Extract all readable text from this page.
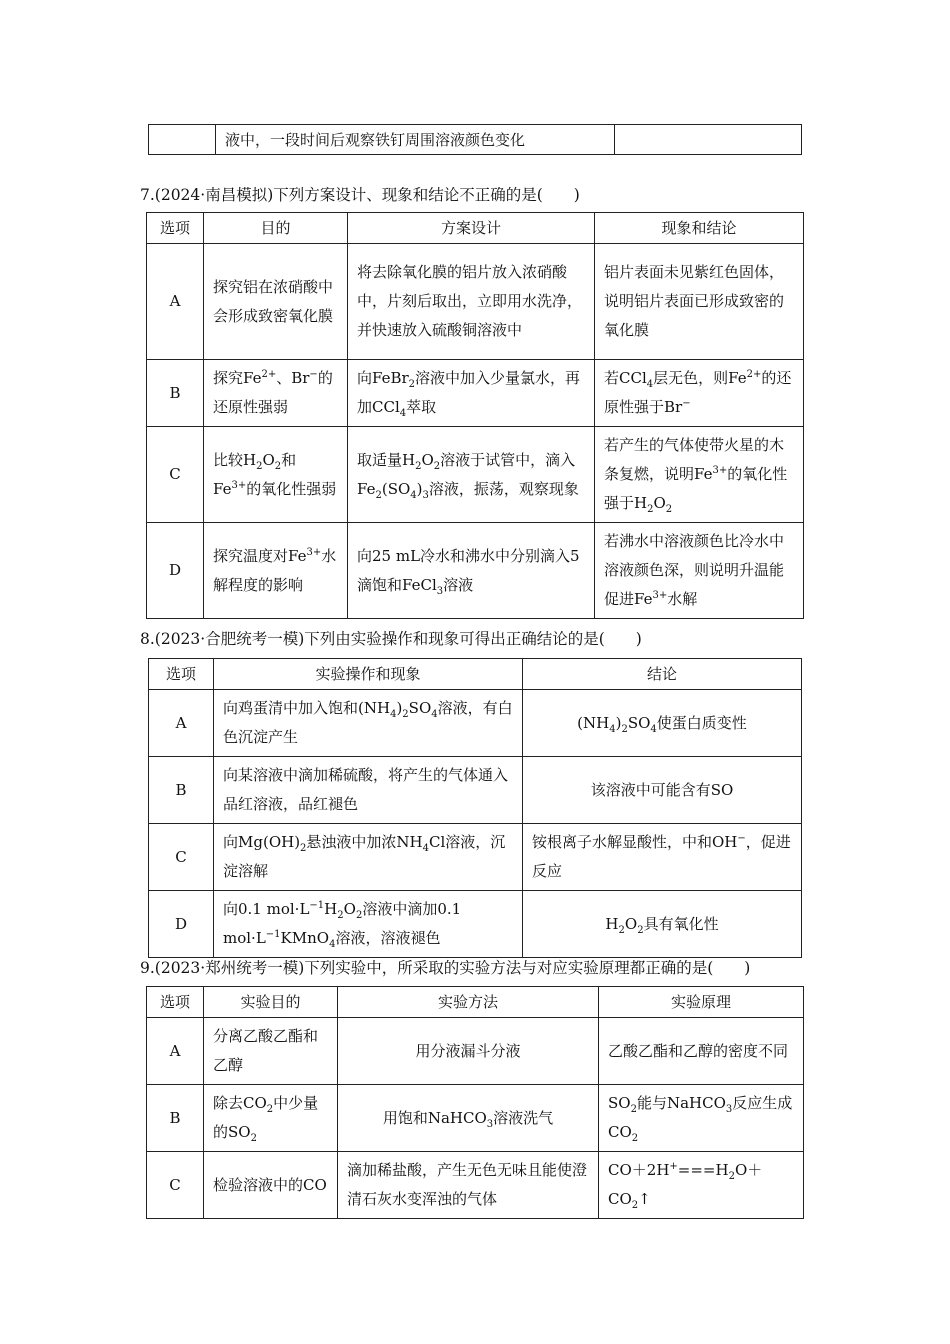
	液中，一段时间后观察铁钉周围溶液颜色变化	
7.(2024·南昌模拟)下列方案设计、现象和结论不正确的是(　　)
选项	目的	方案设计	现象和结论
A	探究铝在浓硝酸中会形成致密氧化膜	将去除氧化膜的铝片放入浓硝酸中，片刻后取出，立即用水洗净，并快速放入硫酸铜溶液中	铝片表面未见紫红色固体，说明铝片表面已形成致密的氧化膜
B	探究$Fe^{2+}$、Br−的还原性强弱	向FeBr$_2$溶液中加入少量氯水，再加CCl$_4$萃取	若CCl$_4$层无色，则$Fe^{2+}$的还原性强于Br−
C	比较$H_2O_2$和$Fe^{3+}$的氧化性强弱	取适量$H_2O_2$溶液于试管中，滴入$Fe_2(SO_4)_3$溶液，振荡，观察现象	若产生的气体使带火星的木条复燃，说明$Fe^{3+}$的氧化性强于$H_2O_2$
D	探究温度对$Fe^{3+}$水解程度的影响	向25 mL冷水和沸水中分别滴入5滴饱和FeCl$_3$溶液	若沸水中溶液颜色比冷水中溶液颜色深，则说明升温能促进$Fe^{3+}$水解
8.(2023·合肥统考一模)下列由实验操作和现象可得出正确结论的是(　　)
选项	实验操作和现象	结论
A	向鸡蛋清中加入饱和$(NH_4)_2SO_4$溶液，有白色沉淀产生	$(NH_4)_2SO_4$使蛋白质变性
B	向某溶液中滴加稀硫酸，将产生的气体通入品红溶液，品红褪色	该溶液中可能含有SO
C	向$Mg(OH)_2$悬浊液中加浓$NH_4Cl$溶液，沉淀溶解	铵根离子水解显酸性，中和OH−，促进反应
D	向0.1 $mol\cdot L^{-1}H_2O_2$溶液中滴加0.1 $mol\cdot L^{-1}KMnO_4$溶液，溶液褪色	$H_2O_2$具有氧化性
9.(2023·郑州统考一模)下列实验中，所采取的实验方法与对应实验原理都正确的是(　　)
选项	实验目的	实验方法	实验原理
A	分离乙酸乙酯和乙醇	用分液漏斗分液	乙酸乙酯和乙醇的密度不同
B	除去$CO_2$中少量的$SO_2$	用饱和NaHCO$_3$溶液洗气	$SO_2$能与NaHCO$_3$反应生成$CO_2$
C	检验溶液中的CO	滴加稀盐酸，产生无色无味且能使澄清石灰水变浑浊的气体	$CO+2H^+===H_2O+CO_2↑$
